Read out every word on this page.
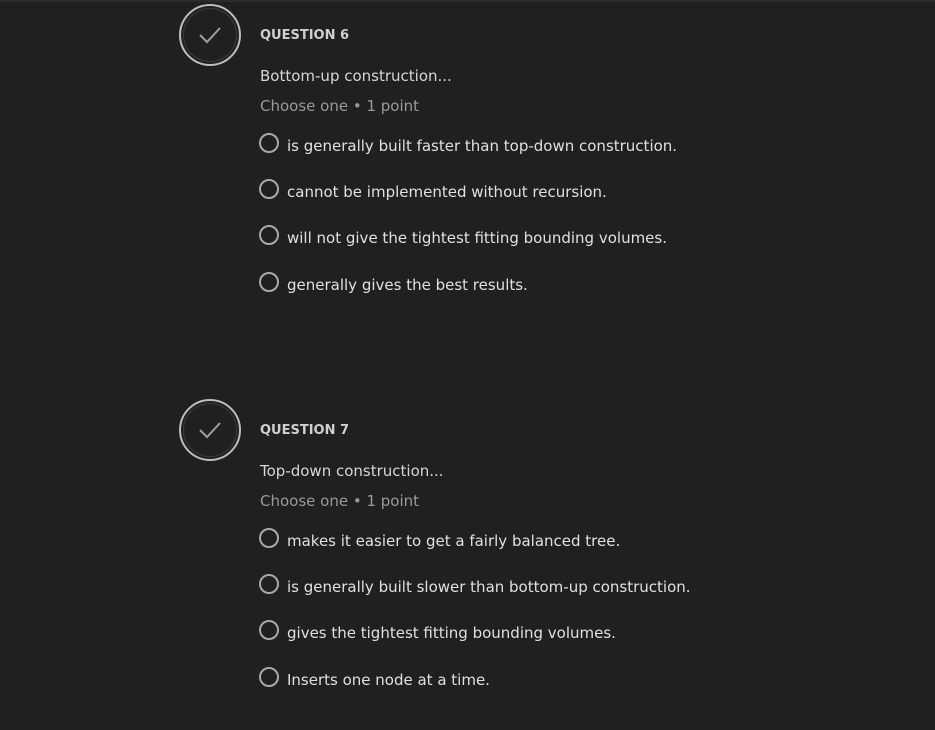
QUESTION 6
Bottom-up construction...
Choose one • 1 point
is generally built faster than top-down construction.
cannot be implemented without recursion.
will not give the tightest fitting bounding volumes.
generally gives the best results.
QUESTION 7
Top-down construction...
Choose one • 1 point
makes it easier to get a fairly balanced tree.
is generally built slower than bottom-up construction.
gives the tightest fitting bounding volumes.
Inserts one node at a time.
